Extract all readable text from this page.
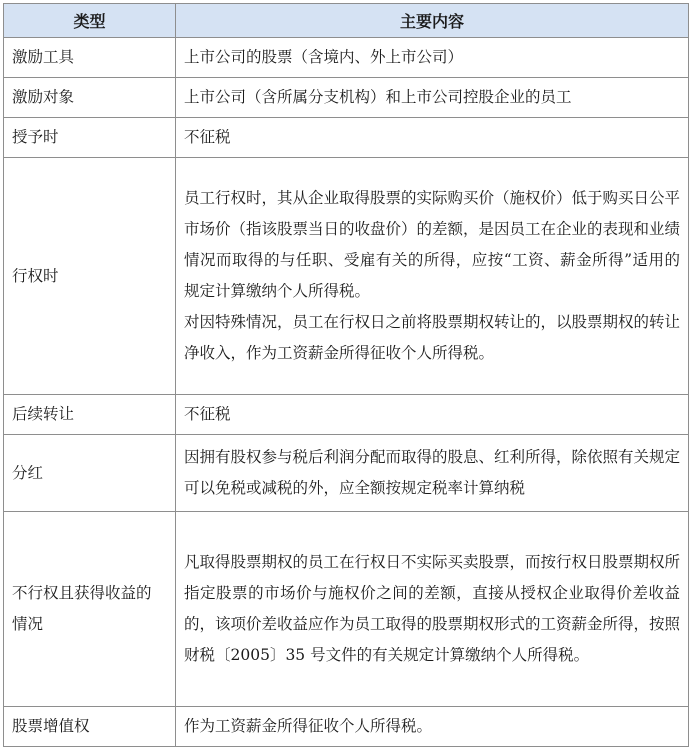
类型	主要内容
激励工具	上市公司的股票（含境内、外上市公司）

激励对象	上市公司（含所属分支机构）和上市公司控股企业的员工

授予时	不征税

行权时	员工行权时，其从企业取得股票的实际购买价（施权价）低于购买日公平市场价（指该股票当日的收盘价）的差额，是因员工在企业的表现和业绩情况而取得的与任职、受雇有关的所得，应按“工资、薪金所得”适用的规定计算缴纳个人所得税。

对因特殊情况，员工在行权日之前将股票期权转让的，以股票期权的转让净收入，作为工资薪金所得征收个人所得税。

后续转让	不征税

分红	因拥有股权参与税后利润分配而取得的股息、红利所得，除依照有关规定可以免税或减税的外，应全额按规定税率计算纳税

不行权且获得收益的情况	凡取得股票期权的员工在行权日不实际买卖股票，而按行权日股票期权所指定股票的市场价与施权价之间的差额，直接从授权企业取得价差收益的，该项价差收益应作为员工取得的股票期权形式的工资薪金所得，按照财税〔2005〕35 号文件的有关规定计算缴纳个人所得税。

股票增值权	作为工资薪金所得征收个人所得税。
